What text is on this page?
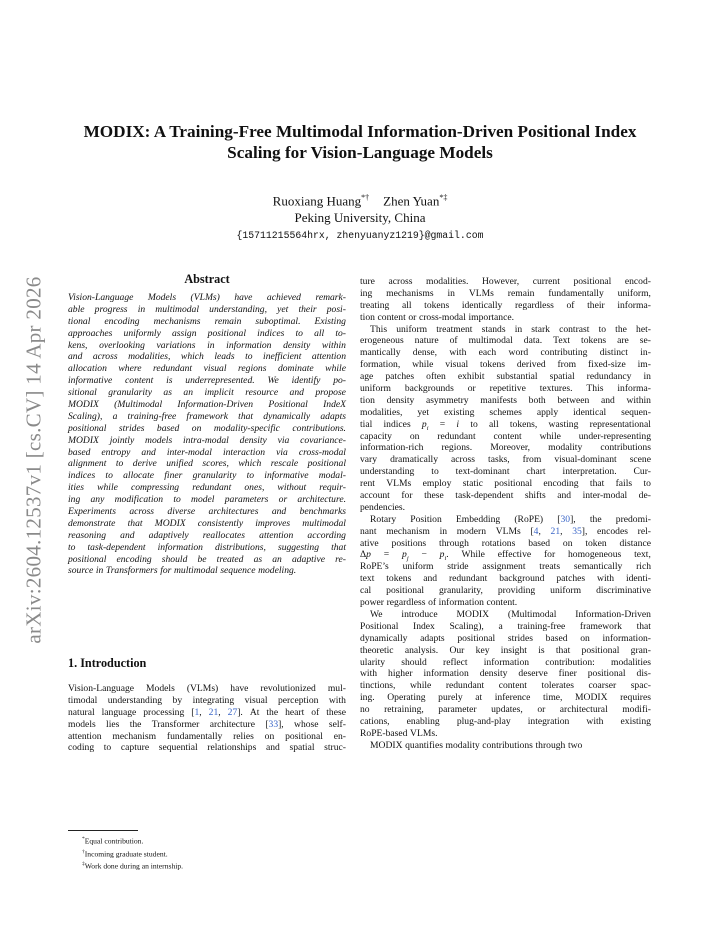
arXiv:2604.12537v1 [cs.CV] 14 Apr 2026
MODIX: A Training-Free Multimodal Information-Driven Positional Index
Scaling for Vision-Language Models
Ruoxiang Huang*† Zhen Yuan*‡
Peking University, China
{15711215564hrx, zhenyuanyz1219}@gmail.com
Abstract
Vision-Language Models (VLMs) have achieved remark-
able progress in multimodal understanding, yet their posi-
tional encoding mechanisms remain suboptimal. Existing
approaches uniformly assign positional indices to all to-
kens, overlooking variations in information density within
and across modalities, which leads to inefficient attention
allocation where redundant visual regions dominate while
informative content is underrepresented. We identify po-
sitional granularity as an implicit resource and propose
MODIX (Multimodal Information-Driven Positional IndeX
Scaling), a training-free framework that dynamically adapts
positional strides based on modality-specific contributions.
MODIX jointly models intra-modal density via covariance-
based entropy and inter-modal interaction via cross-modal
alignment to derive unified scores, which rescale positional
indices to allocate finer granularity to informative modal-
ities while compressing redundant ones, without requir-
ing any modification to model parameters or architecture.
Experiments across diverse architectures and benchmarks
demonstrate that MODIX consistently improves multimodal
reasoning and adaptively reallocates attention according
to task-dependent information distributions, suggesting that
positional encoding should be treated as an adaptive re-
source in Transformers for multimodal sequence modeling.
1. Introduction
Vision-Language Models (VLMs) have revolutionized mul-
timodal understanding by integrating visual perception with
natural language processing [1, 21, 27]. At the heart of these
models lies the Transformer architecture [33], whose self-
attention mechanism fundamentally relies on positional en-
coding to capture sequential relationships and spatial struc-
ture across modalities. However, current positional encod-
ing mechanisms in VLMs remain fundamentally uniform,
treating all tokens identically regardless of their informa-
tion content or cross-modal importance.
This uniform treatment stands in stark contrast to the het-
erogeneous nature of multimodal data. Text tokens are se-
mantically dense, with each word contributing distinct in-
formation, while visual tokens derived from fixed-size im-
age patches often exhibit substantial spatial redundancy in
uniform backgrounds or repetitive textures. This informa-
tion density asymmetry manifests both between and within
modalities, yet existing schemes apply identical sequen-
tial indices $p_i = i$ to all tokens, wasting representational
capacity on redundant content while under-representing
information-rich regions. Moreover, modality contributions
vary dramatically across tasks, from visual-dominant scene
understanding to text-dominant chart interpretation. Cur-
rent VLMs employ static positional encoding that fails to
account for these task-dependent shifts and inter-modal de-
pendencies.
Rotary Position Embedding (RoPE) [30], the predomi-
nant mechanism in modern VLMs [4, 21, 35], encodes rel-
ative positions through rotations based on token distance
$\Delta p = p_j - p_i$. While effective for homogeneous text,
RoPE’s uniform stride assignment treats semantically rich
text tokens and redundant background patches with identi-
cal positional granularity, providing uniform discriminative
power regardless of information content.
We introduce MODIX (Multimodal Information-Driven
Positional Index Scaling), a training-free framework that
dynamically adapts positional strides based on information-
theoretic analysis. Our key insight is that positional gran-
ularity should reflect information contribution: modalities
with higher information density deserve finer positional dis-
tinctions, while redundant content tolerates coarser spac-
ing. Operating purely at inference time, MODIX requires
no retraining, parameter updates, or architectural modifi-
cations, enabling plug-and-play integration with existing
RoPE-based VLMs.
MODIX quantifies modality contributions through two
*Equal contribution.
†Incoming graduate student.
‡Work done during an internship.
